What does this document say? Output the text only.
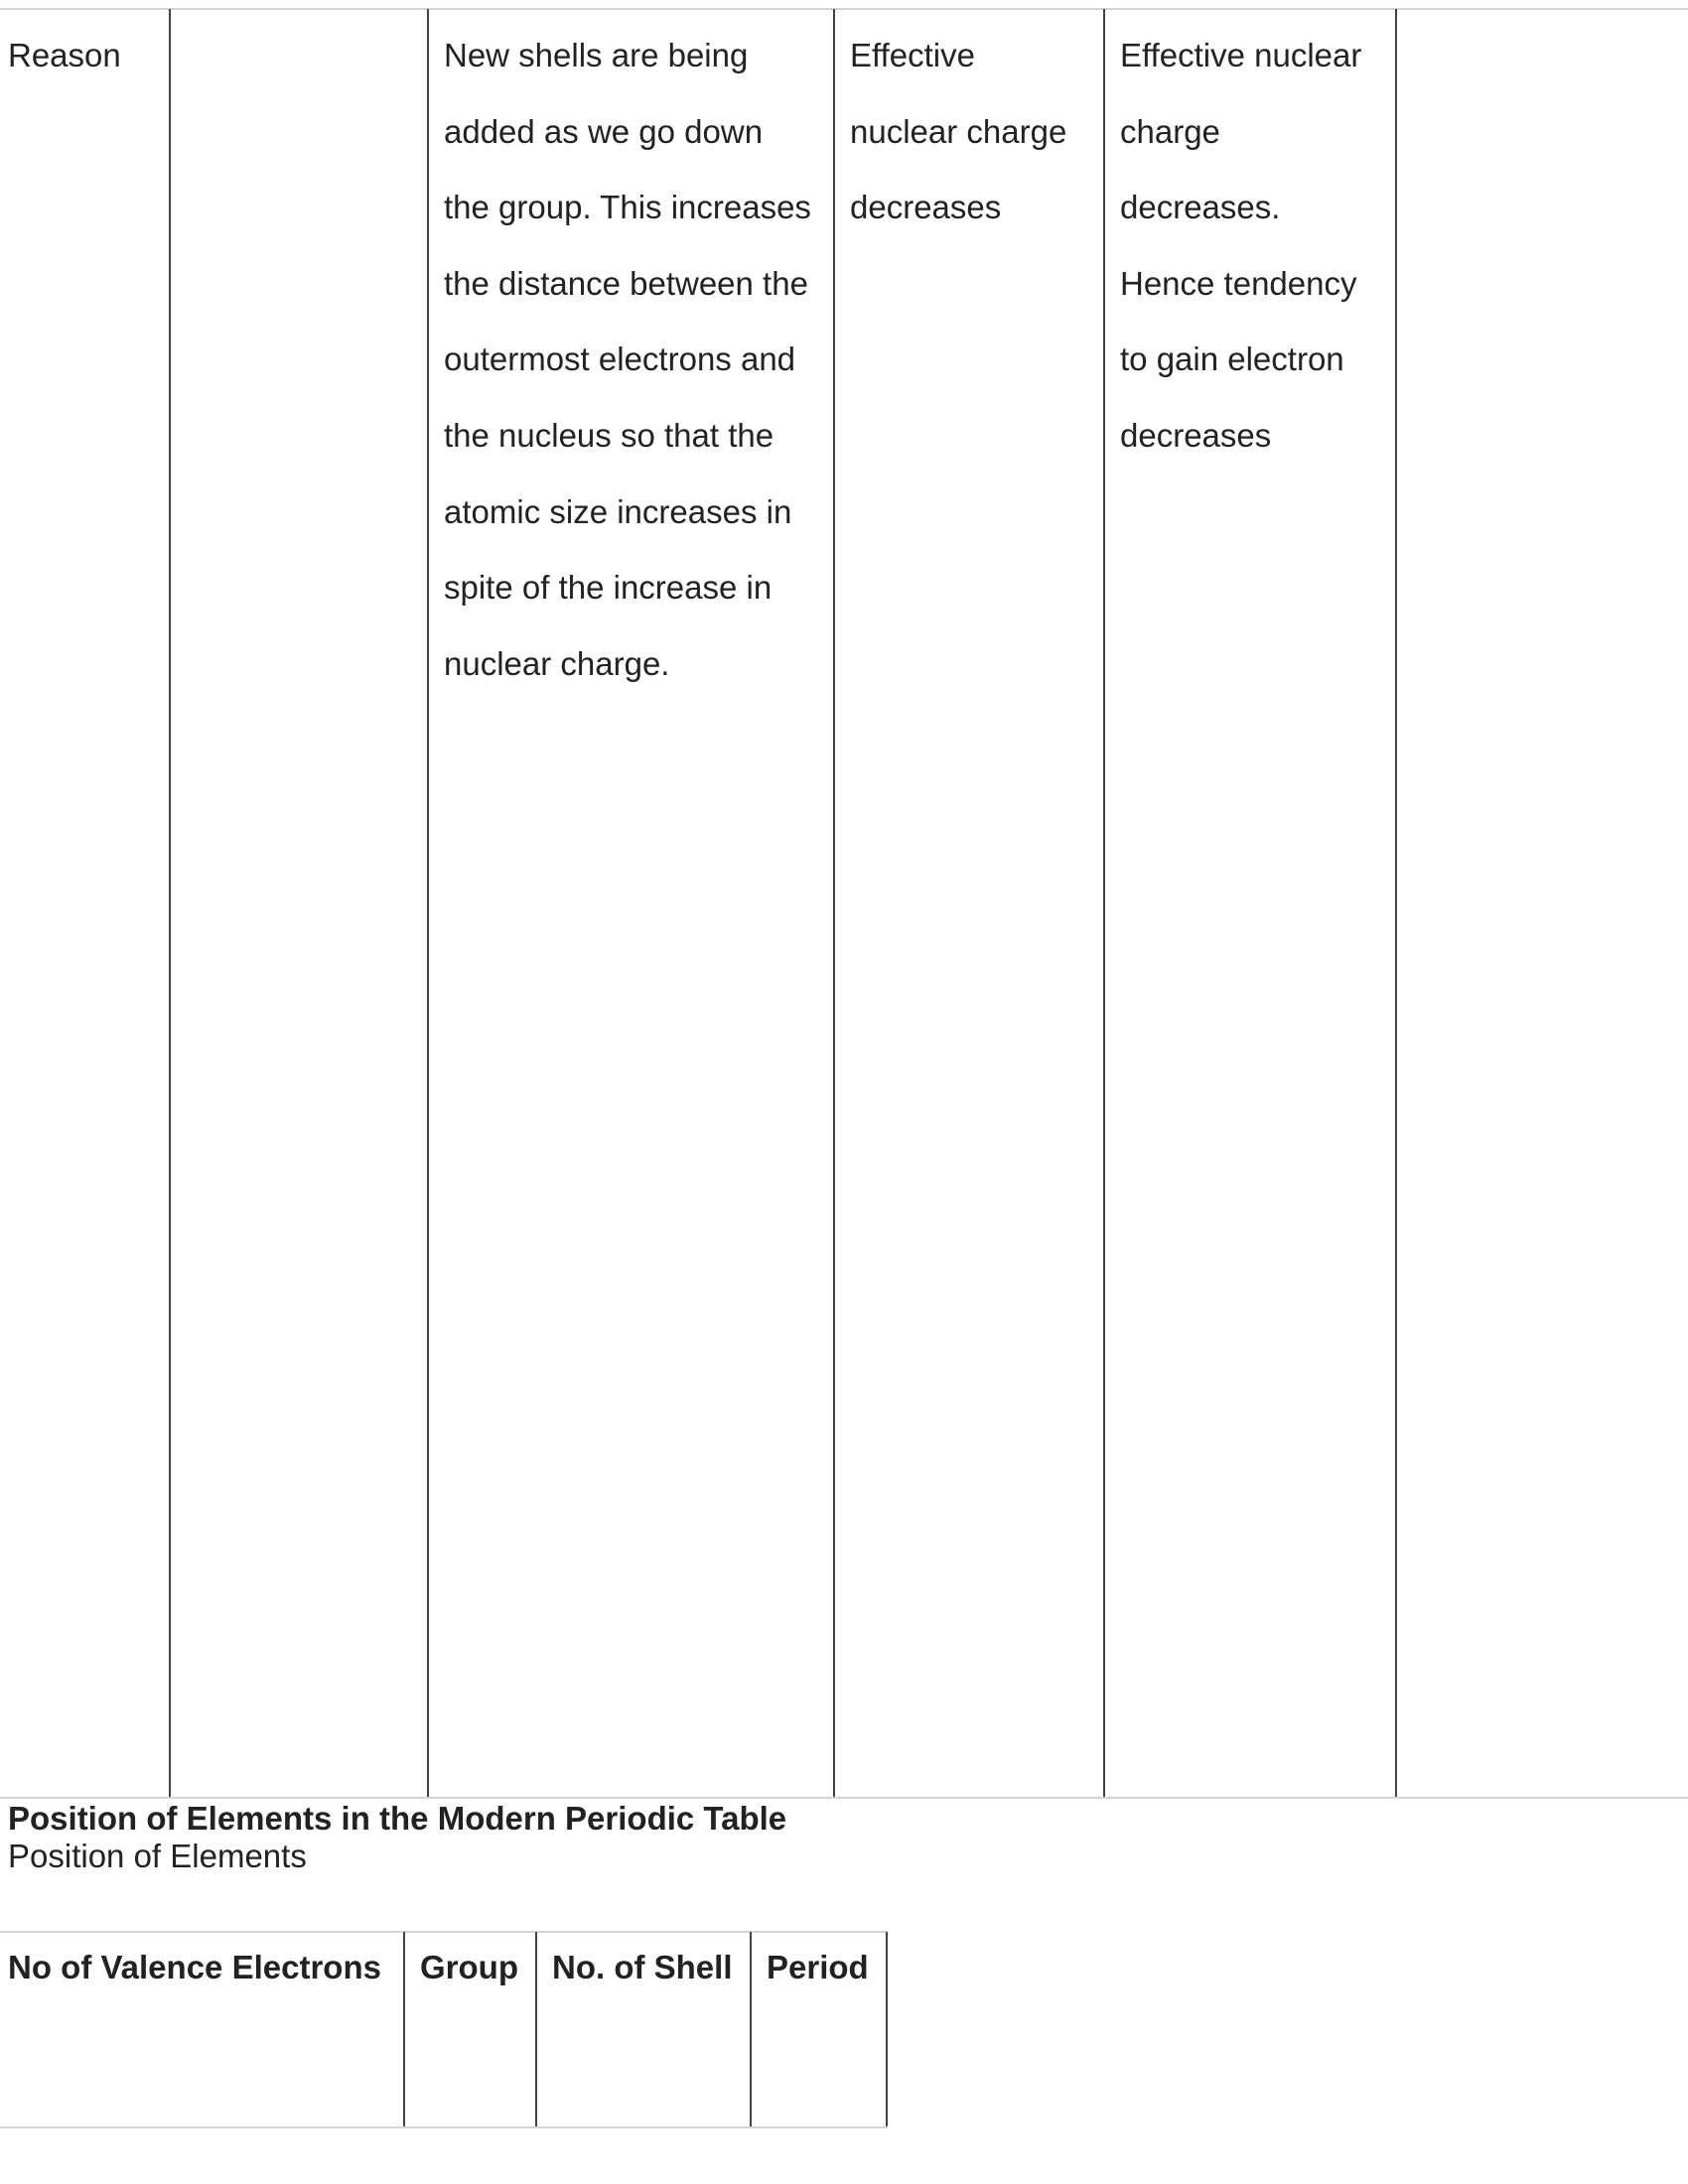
Reason	New shells are being
added as we go down
the group. This increases
the distance between the
outermost electrons and
the nucleus so that the
atomic size increases in
spite of the increase in
nuclear charge.
Effective
nuclear charge
decreases
Effective nuclear
charge
decreases.
Hence tendency
to gain electron
decreases
Position of Elements in the Modern Periodic Table
Position of Elements
No of Valence Electrons Group No. of Shell Period
